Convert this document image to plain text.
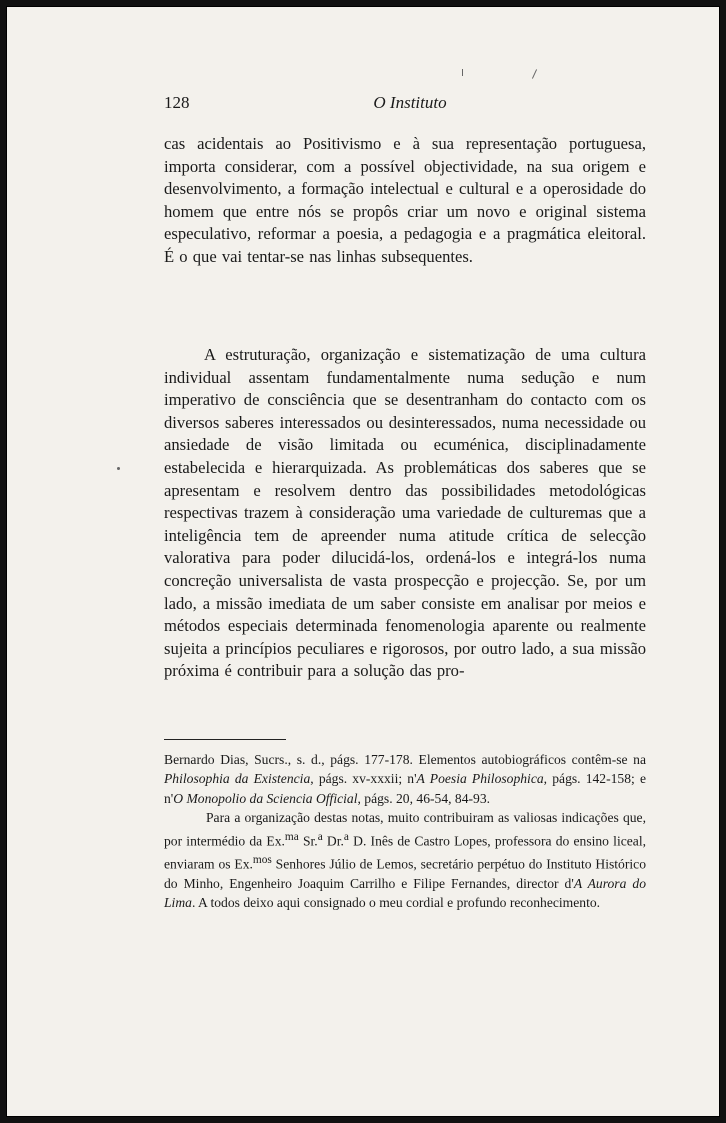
128	O Instituto
cas acidentais ao Positivismo e à sua representação portuguesa, importa considerar, com a possível objectividade, na sua origem e desenvolvimento, a formação intelectual e cultural e a operosidade do homem que entre nós se propôs criar um novo e original sistema especulativo, reformar a poesia, a pedagogia e a pragmática eleitoral. É o que vai tentar-se nas linhas subsequentes.
A estruturação, organização e sistematização de uma cultura individual assentam fundamentalmente numa sedução e num imperativo de consciência que se desentranham do contacto com os diversos saberes interessados ou desinteressados, numa necessidade ou ansiedade de visão limitada ou ecuménica, disciplinadamente estabelecida e hierarquizada. As problemáticas dos saberes que se apresentam e resolvem dentro das possibilidades metodológicas respectivas trazem à consideração uma variedade de culturemas que a inteligência tem de apreender numa atitude crítica de selecção valorativa para poder dilucidá-los, ordená-los e integrá-los numa concreção universalista de vasta prospecção e projecção. Se, por um lado, a missão imediata de um saber consiste em analisar por meios e métodos especiais determinada fenomenologia aparente ou realmente sujeita a princípios peculiares e rigorosos, por outro lado, a sua missão próxima é contribuir para a solução das pro-

Bernardo Dias, Sucrs., s. d., págs. 177-178. Elementos autobiográficos contêm-se na Philosophia da Existencia, págs. xv-xxxii; n'A Poesia Philosophica, págs. 142-158; e n'O Monopolio da Sciencia Official, págs. 20, 46-54, 84-93.

Para a organização destas notas, muito contribuiram as valiosas indicações que, por intermédio da Ex.$^{ma}$ Sr.$^a$ Dr.$^a$ D. Inês de Castro Lopes, professora do ensino liceal, enviaram os Ex.$^{mos}$ Senhores Júlio de Lemos, secretário perpétuo do Instituto Histórico do Minho, Engenheiro Joaquim Carrilho e Filipe Fernandes, director d'A Aurora do Lima. A todos deixo aqui consignado o meu cordial e profundo reconhecimento.
